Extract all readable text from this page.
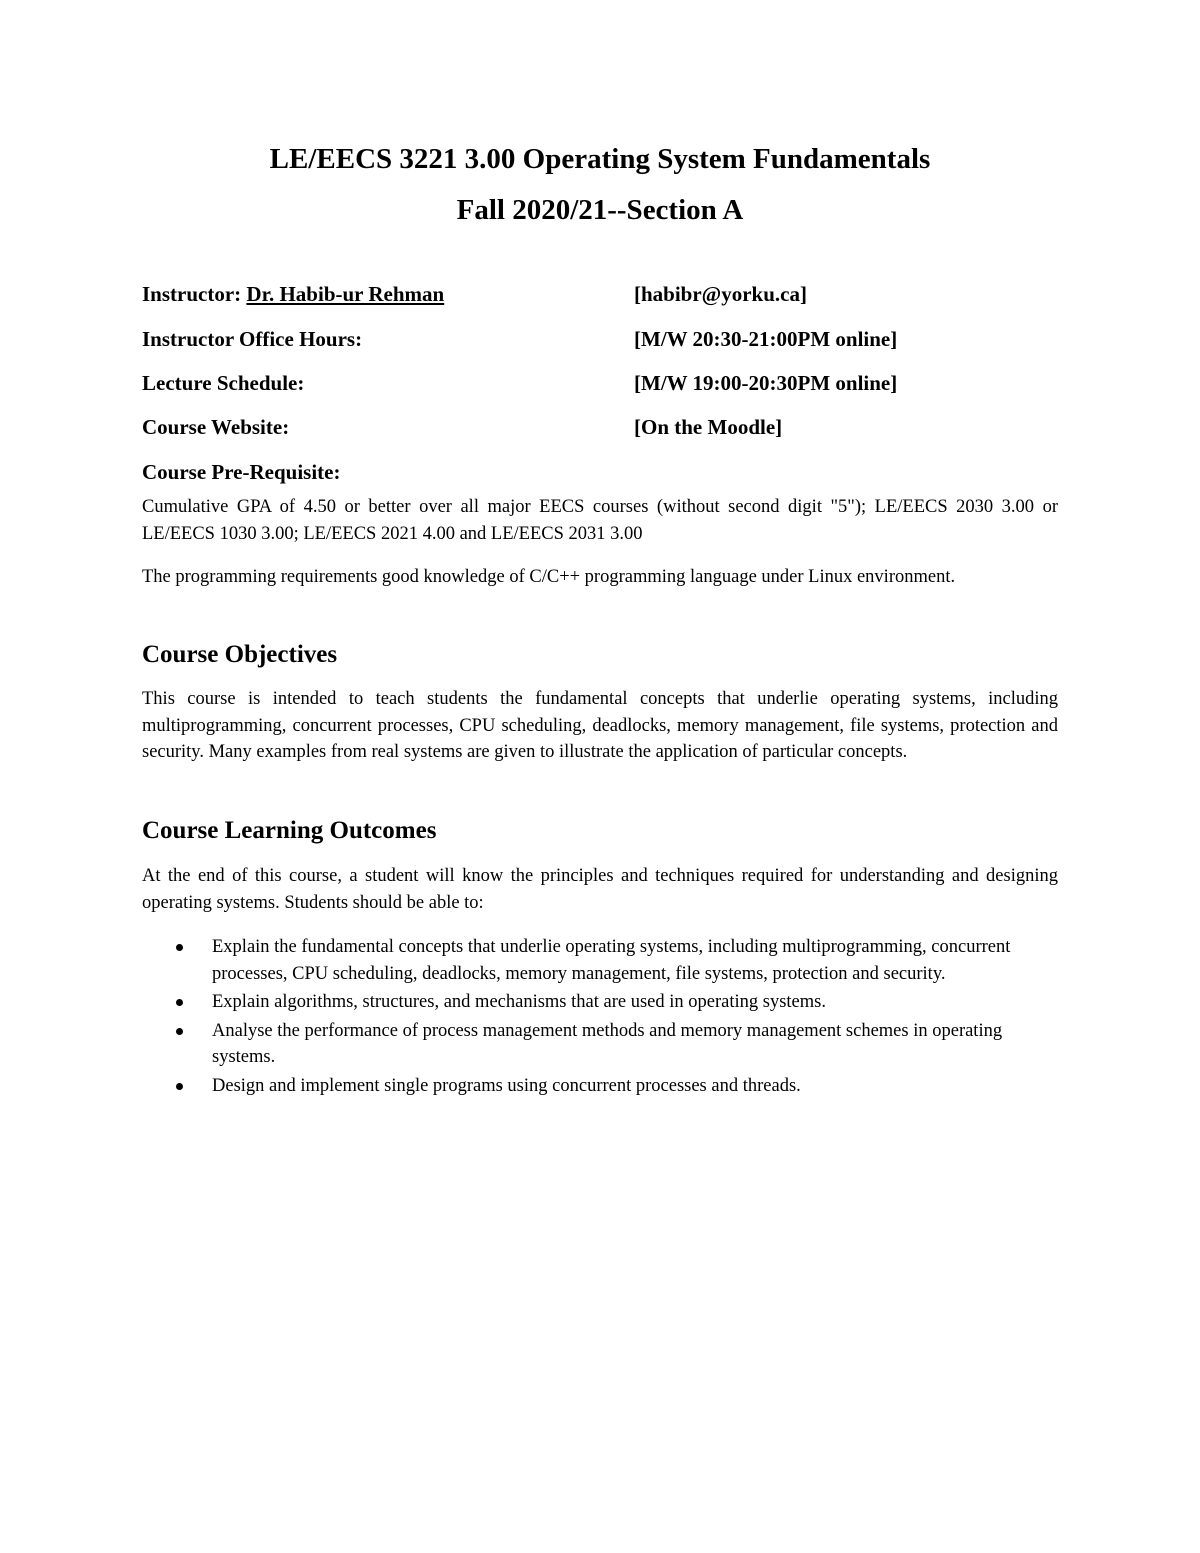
LE/EECS 3221 3.00 Operating System Fundamentals
Fall 2020/21--Section A
Instructor: Dr. Habib-ur Rehman	[habibr@yorku.ca]
Instructor Office Hours:	[M/W 20:30-21:00PM online]
Lecture Schedule:	[M/W 19:00-20:30PM online]
Course Website:	[On the Moodle]
Course Pre-Requisite:

Cumulative GPA of 4.50 or better over all major EECS courses (without second digit "5"); LE/EECS 2030 3.00 or LE/EECS 1030 3.00; LE/EECS 2021 4.00 and LE/EECS 2031 3.00

The programming requirements good knowledge of C/C++ programming language under Linux environment.

Course Objectives

This course is intended to teach students the fundamental concepts that underlie operating systems, including multiprogramming, concurrent processes, CPU scheduling, deadlocks, memory management, file systems, protection and security. Many examples from real systems are given to illustrate the application of particular concepts.

Course Learning Outcomes

At the end of this course, a student will know the principles and techniques required for understanding and designing operating systems. Students should be able to:

Explain the fundamental concepts that underlie operating systems, including multiprogramming, concurrent processes, CPU scheduling, deadlocks, memory management, file systems, protection and security.
Explain algorithms, structures, and mechanisms that are used in operating systems.
Analyse the performance of process management methods and memory management schemes in operating systems.
Design and implement single programs using concurrent processes and threads.
